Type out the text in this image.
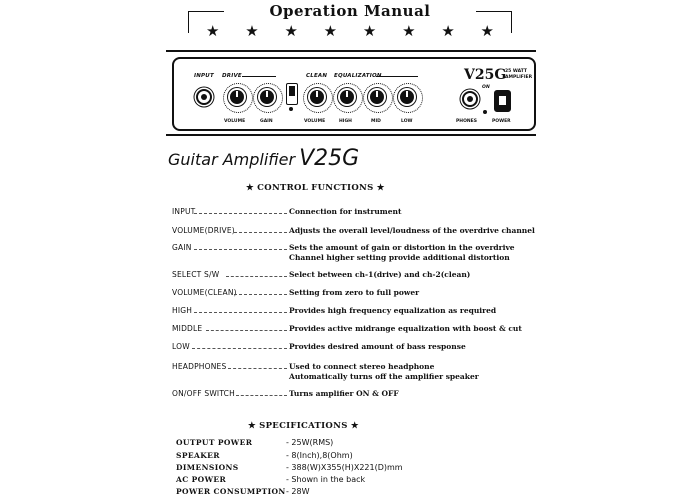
Operation Manual
★ ★ ★ ★ ★ ★ ★ ★
INPUT DRIVE	CLEAN EQUALIZATION	V25G
25 WATT
AMPLIFIER
ON
VOLUME	GAIN	VOLUME	HIGH	MID	LOW	PHONES	POWER
Guitar Amplifier V25G
★ CONTROL FUNCTIONS ★
INPUT	Connection for instrument
VOLUME(DRIVE)	Adjusts the overall level/loudness of the overdrive channel
GAIN	Sets the amount of gain or distortion in the overdrive
Channel higher setting provide additional distortion
SELECT S/W	Select between ch-1(drive) and ch-2(clean)
VOLUME(CLEAN)	Setting from zero to full power
HIGH	Provides high frequency equalization as required
MIDDLE	Provides active midrange equalization with boost & cut
LOW	Provides desired amount of bass response
HEADPHONES	Used to connect stereo headphone
Automatically turns off the amplifier speaker
ON/OFF SWITCH	Turns amplifier ON & OFF
★ SPECIFICATIONS ★
OUTPUT POWER	- 25W(RMS)
SPEAKER	- 8(Inch),8(Ohm)
DIMENSIONS	- 388(W)X355(H)X221(D)mm
AC POWER	- Shown in the back
POWER CONSUMPTION - 28W
